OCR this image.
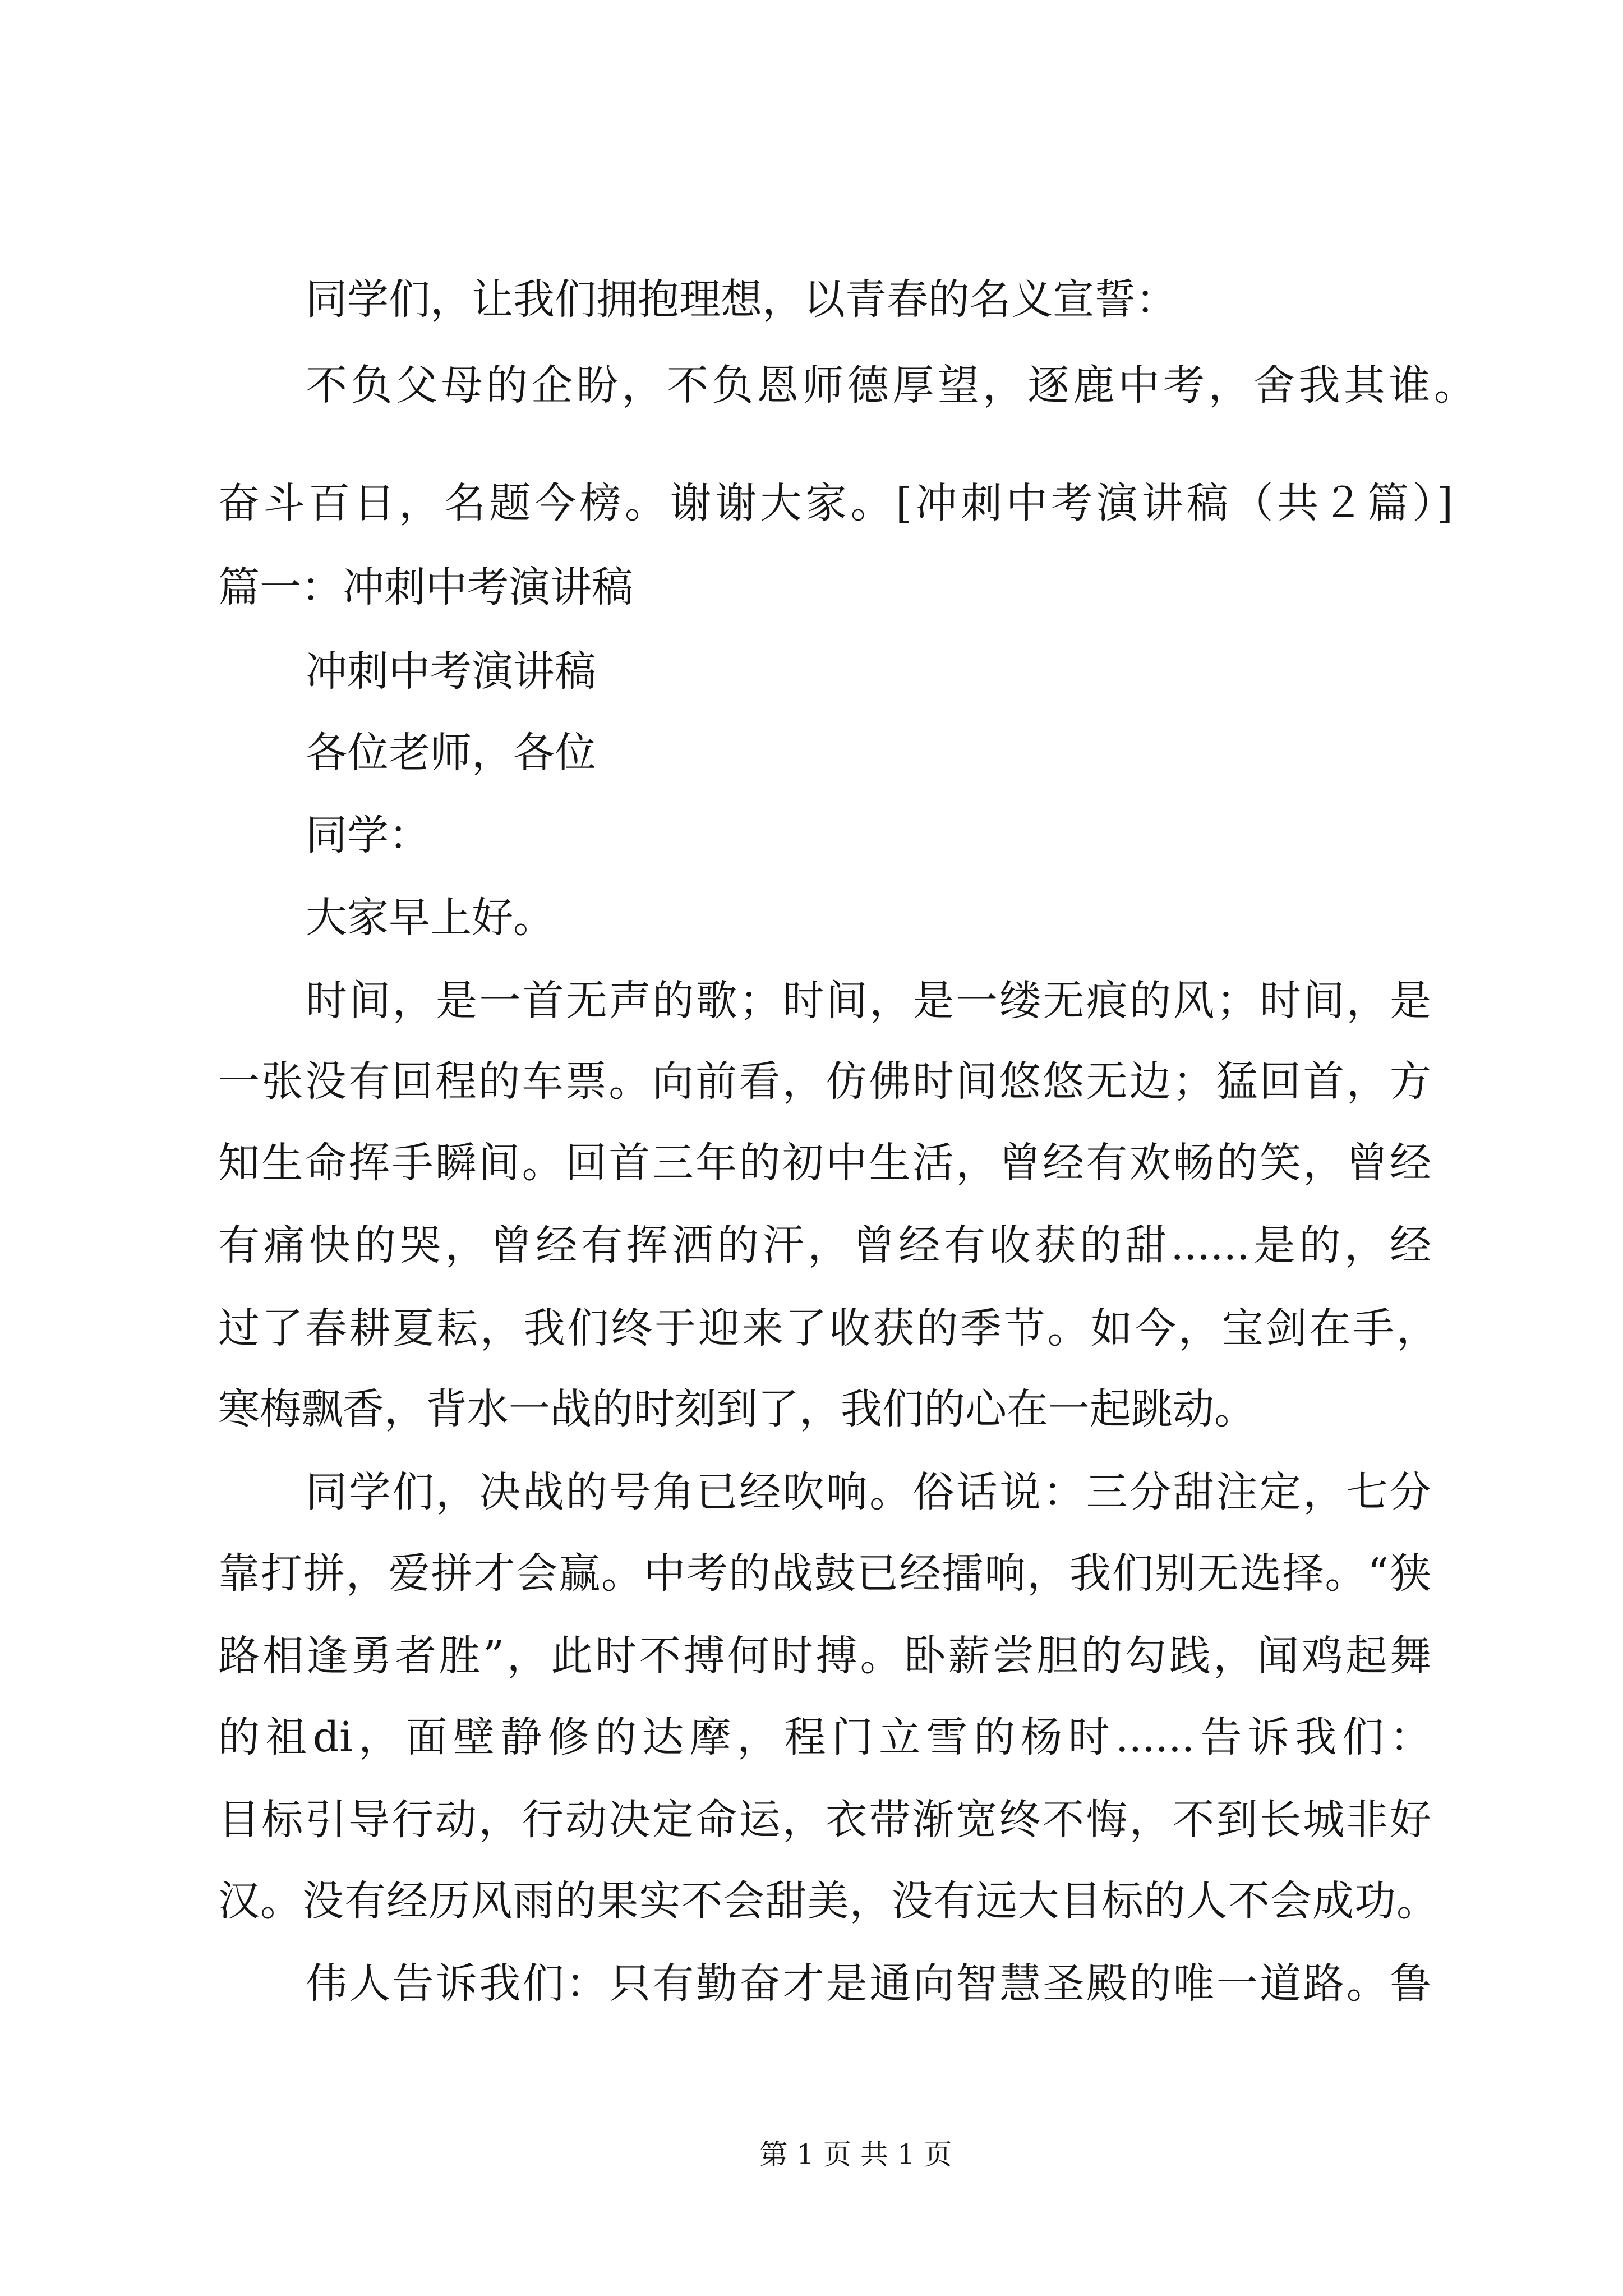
同学们，让我们拥抱理想，以青春的名义宣誓：
不负父母的企盼，不负恩师德厚望，逐鹿中考，舍我其谁。
奋斗百日，名题今榜。谢谢大家。[冲刺中考演讲稿（共２篇）]
篇一：冲刺中考演讲稿
冲刺中考演讲稿
各位老师，各位
同学：
大家早上好。
时间，是一首无声的歌；时间，是一缕无痕的风；时间，是
一张没有回程的车票。向前看，仿佛时间悠悠无边；猛回首，方
知生命挥手瞬间。回首三年的初中生活，曾经有欢畅的笑，曾经
有痛快的哭，曾经有挥洒的汗，曾经有收获的甜......是的，经
过了春耕夏耘，我们终于迎来了收获的季节。如今，宝剑在手，
寒梅飘香，背水一战的时刻到了，我们的心在一起跳动。
同学们，决战的号角已经吹响。俗话说：三分甜注定，七分
靠打拼，爱拼才会赢。中考的战鼓已经擂响，我们别无选择。“狭
路相逢勇者胜”，此时不搏何时搏。卧薪尝胆的勾践，闻鸡起舞
的祖di，面壁静修的达摩，程门立雪的杨时......告诉我们：
目标引导行动，行动决定命运，衣带渐宽终不悔，不到长城非好
汉。没有经历风雨的果实不会甜美，没有远大目标的人不会成功。
伟人告诉我们：只有勤奋才是通向智慧圣殿的唯一道路。鲁
第 1 页 共 1 页
